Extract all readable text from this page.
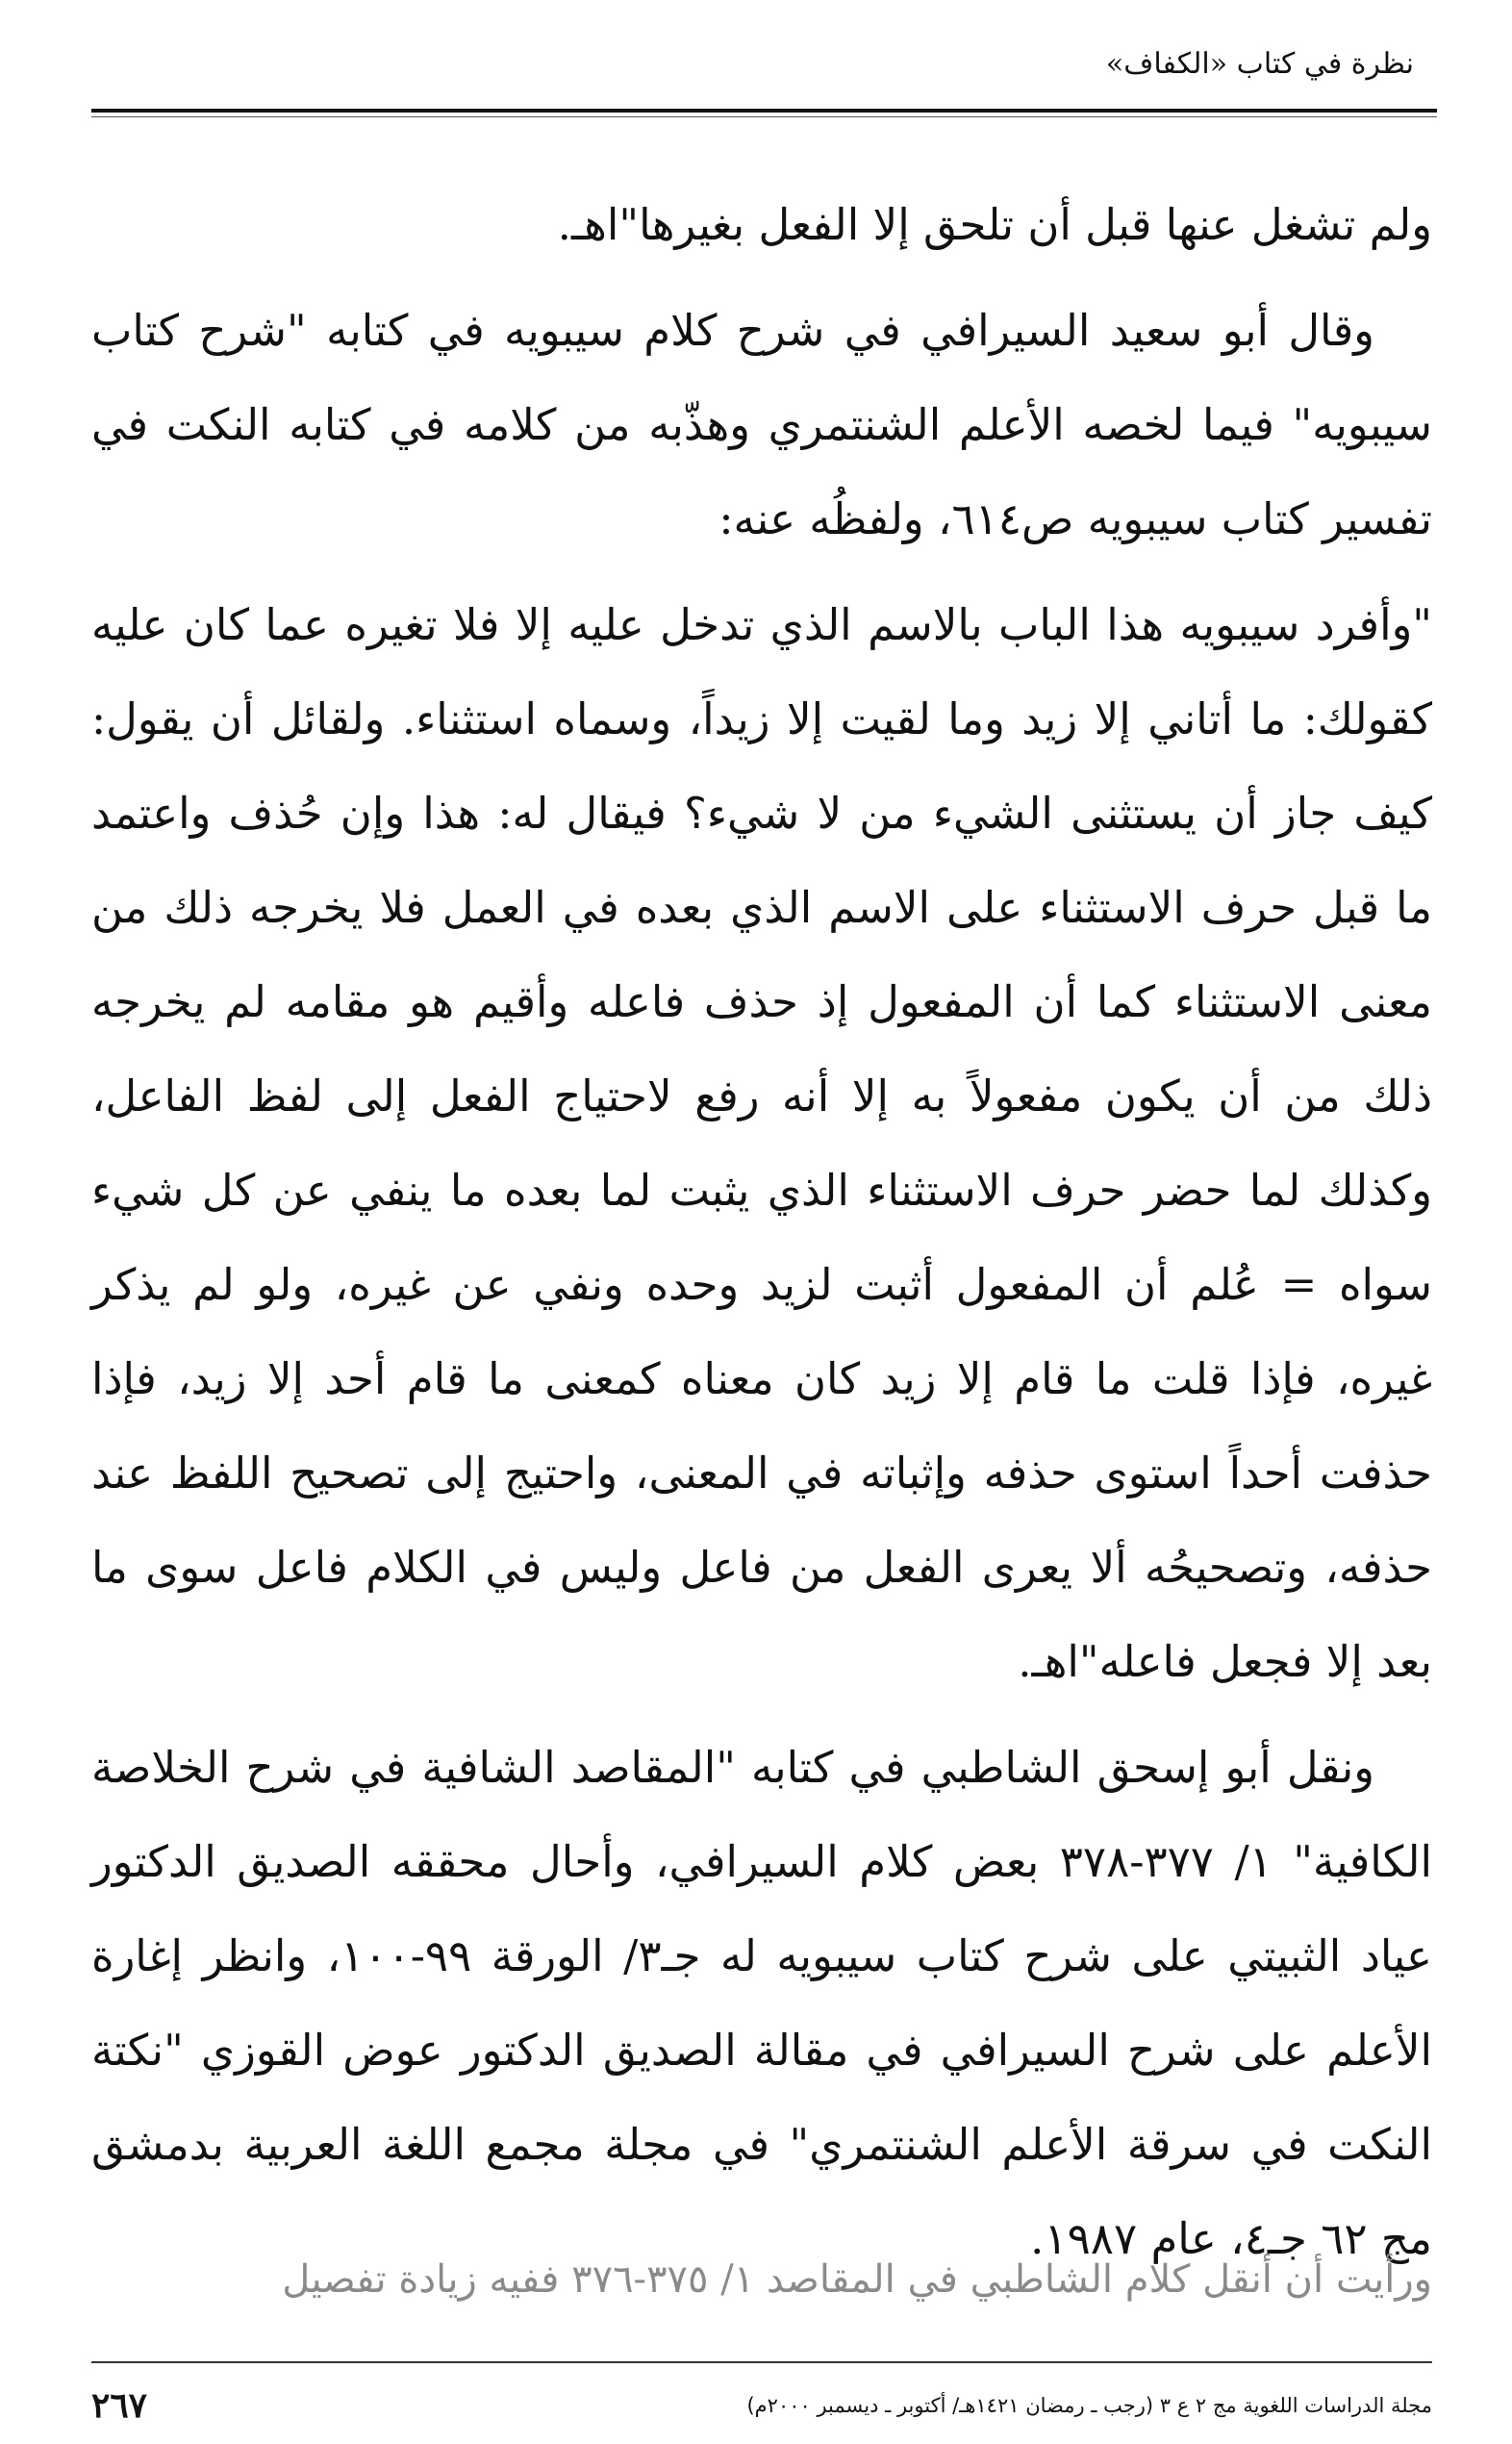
نظرة في كتاب «الكفاف»

ولم تشغل عنها قبل أن تلحق إلا الفعل بغيرها"اهـ.

وقال أبو سعيد السيرافي في شرح كلام سيبويه في كتابه "شرح كتاب سيبويه" فيما لخصه الأعلم الشنتمري وهذّبه من كلامه في كتابه النكت في تفسير كتاب سيبويه ص٦١٤، ولفظُه عنه:

"وأفرد سيبويه هذا الباب بالاسم الذي تدخل عليه إلا فلا تغيره عما كان عليه كقولك: ما أتاني إلا زيد وما لقيت إلا زيداً، وسماه استثناء. ولقائل أن يقول: كيف جاز أن يستثنى الشيء من لا شيء؟ فيقال له: هذا وإن حُذف واعتمد ما قبل حرف الاستثناء على الاسم الذي بعده في العمل فلا يخرجه ذلك من معنى الاستثناء كما أن المفعول إذ حذف فاعله وأقيم هو مقامه لم يخرجه ذلك من أن يكون مفعولاً به إلا أنه رفع لاحتياج الفعل إلى لفظ الفاعل، وكذلك لما حضر حرف الاستثناء الذي يثبت لما بعده ما ينفي عن كل شيء سواه = عُلم أن المفعول أثبت لزيد وحده ونفي عن غيره، ولو لم يذكر غيره، فإذا قلت ما قام إلا زيد كان معناه كمعنى ما قام أحد إلا زيد، فإذا حذفت أحداً استوى حذفه وإثباته في المعنى، واحتيج إلى تصحيح اللفظ عند حذفه، وتصحيحُه ألا يعرى الفعل من فاعل وليس في الكلام فاعل سوى ما بعد إلا فجعل فاعله"اهـ.

ونقل أبو إسحق الشاطبي في كتابه "المقاصد الشافية في شرح الخلاصة الكافية" ١/ ٣٧٧-٣٧٨ بعض كلام السيرافي، وأحال محققه الصديق الدكتور عياد الثبيتي على شرح كتاب سيبويه له جـ٣/ الورقة ٩٩-١٠٠، وانظر إغارة الأعلم على شرح السيرافي في مقالة الصديق الدكتور عوض القوزي "نكتة النكت في سرقة الأعلم الشنتمري" في مجلة مجمع اللغة العربية بدمشق مج ٦٢ جـ٤، عام ١٩٨٧.

ورأيت أن أنقل كلام الشاطبي في المقاصد ١/ ٣٧٥-٣٧٦ ففيه زيادة تفصيل
مجلة الدراسات اللغوية مج ٢ ع ٣ (رجب ـ رمضان ١٤٢١هـ/ أكتوبر ـ ديسمبر ٢٠٠٠م)
٢٦٧
